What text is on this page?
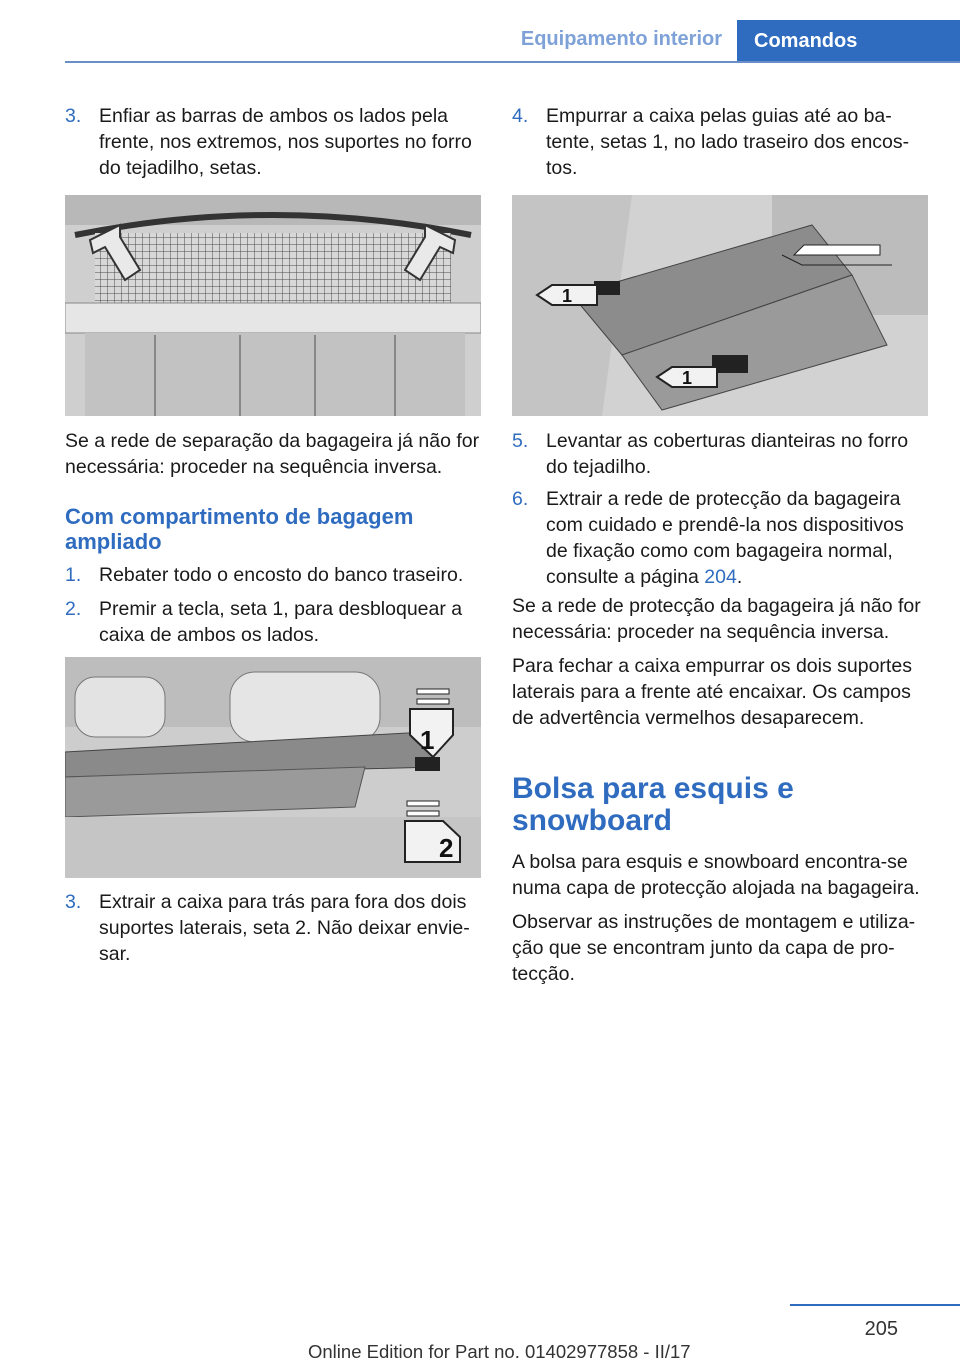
Equipamento interior	Comandos
3. Enfiar as barras de ambos os lados pela frente, nos extremos, nos suportes no forro do tejadilho, setas.

Se a rede de separação da bagageira já não for necessária: proceder na sequência inversa.

Com compartimento de bagagem ampliado
1. Rebater todo o encosto do banco traseiro.
2. Premir a tecla, seta 1, para desbloquear a caixa de ambos os lados.
1
2
3. Extrair a caixa para trás para fora dos dois suportes laterais, seta 2. Não deixar envie-sar.
4. Empurrar a caixa pelas guias até ao ba-tente, setas 1, no lado traseiro dos encos-tos.
1
1
5. Levantar as coberturas dianteiras no forro do tejadilho.
6. Extrair a rede de protecção da bagageira com cuidado e prendê-la nos dispositivos de fixação como com bagageira normal, consulte a página 204.

Se a rede de protecção da bagageira já não for necessária: proceder na sequência inversa.

Para fechar a caixa empurrar os dois suportes laterais para a frente até encaixar. Os campos de advertência vermelhos desaparecem.

Bolsa para esquis e snowboard

A bolsa para esquis e snowboard encontra-se numa capa de protecção alojada na bagageira.

Observar as instruções de montagem e utiliza-ção que se encontram junto da capa de pro-tecção.

205
Online Edition for Part no. 01402977858 - II/17
